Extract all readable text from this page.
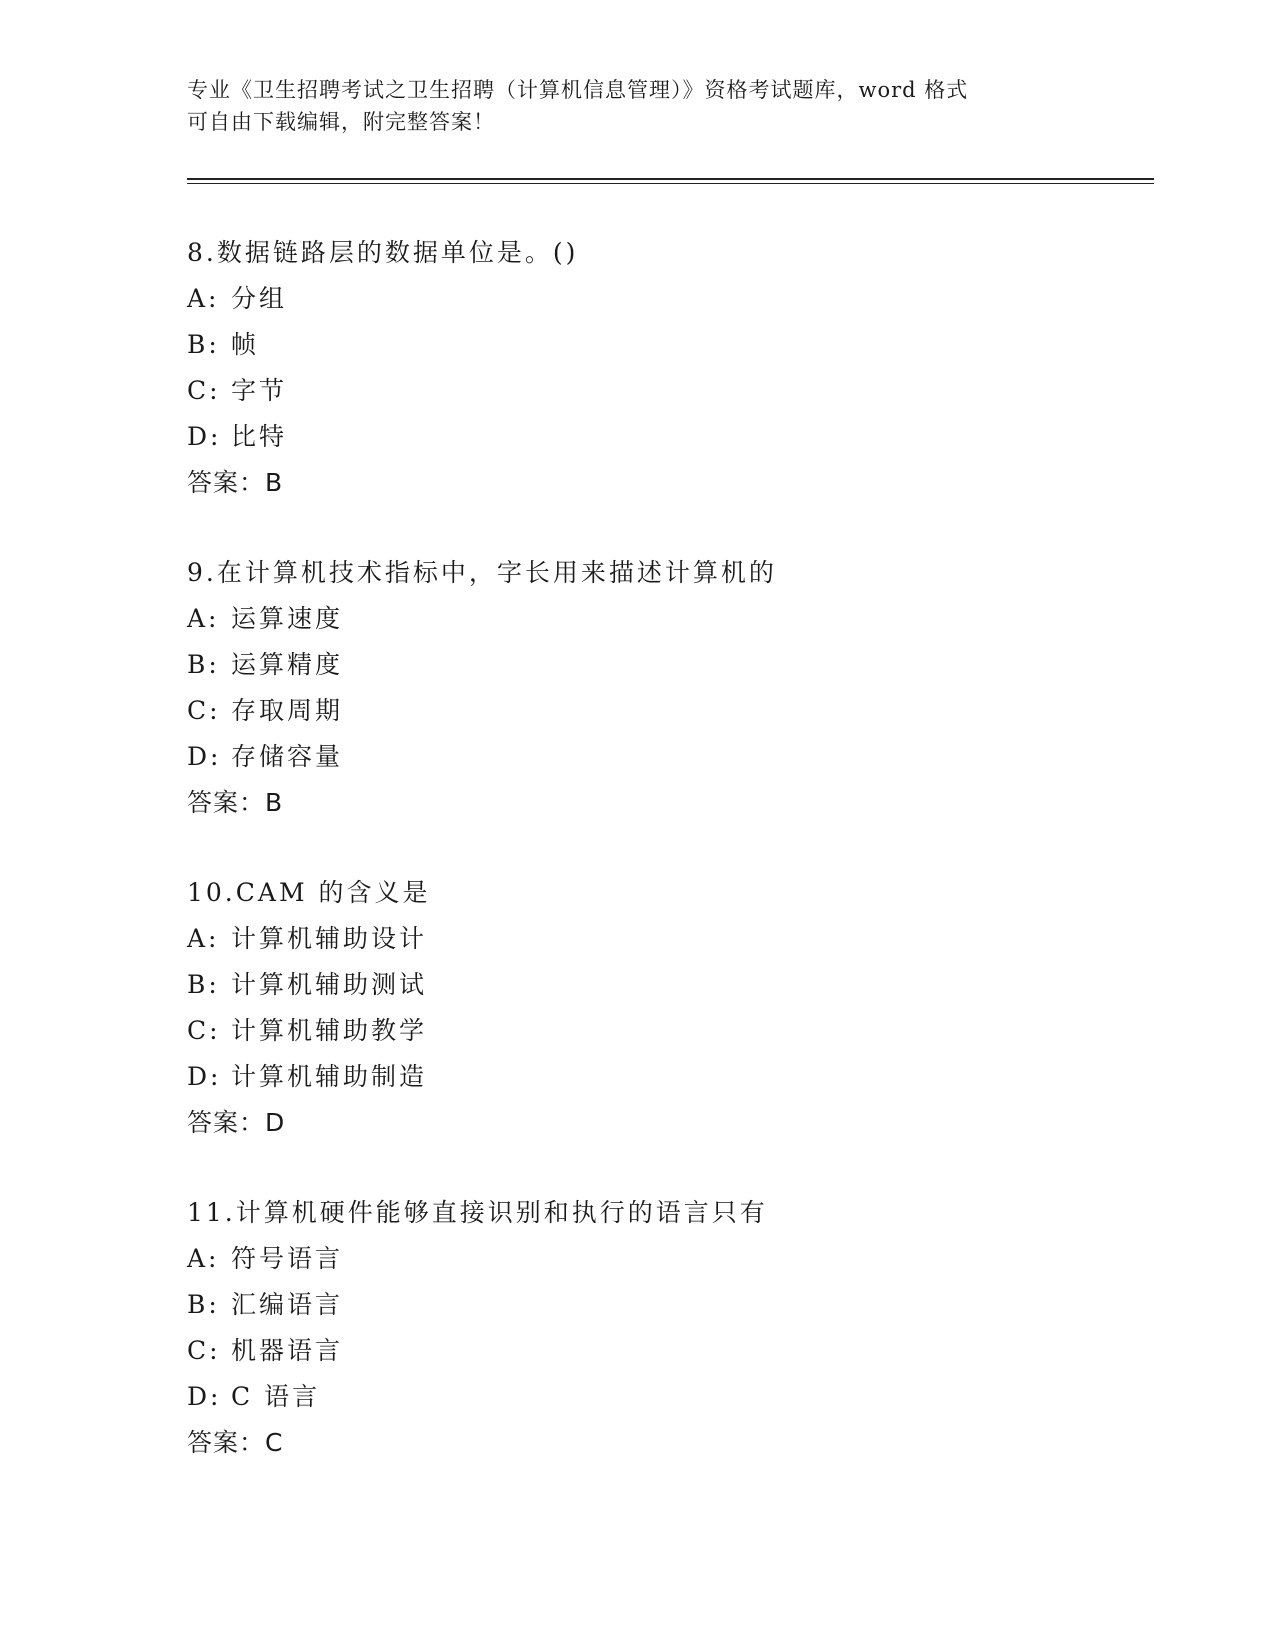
专业《卫生招聘考试之卫生招聘（计算机信息管理）》资格考试题库，word 格式
可自由下载编辑，附完整答案！
8.数据链路层的数据单位是。()
A: 分组
B: 帧
C: 字节
D: 比特
答案：B
9.在计算机技术指标中，字长用来描述计算机的
A: 运算速度
B: 运算精度
C: 存取周期
D: 存储容量
答案：B
10.CAM 的含义是
A: 计算机辅助设计
B: 计算机辅助测试
C: 计算机辅助教学
D: 计算机辅助制造
答案：D
11.计算机硬件能够直接识别和执行的语言只有
A: 符号语言
B: 汇编语言
C: 机器语言
D: C 语言
答案：C
